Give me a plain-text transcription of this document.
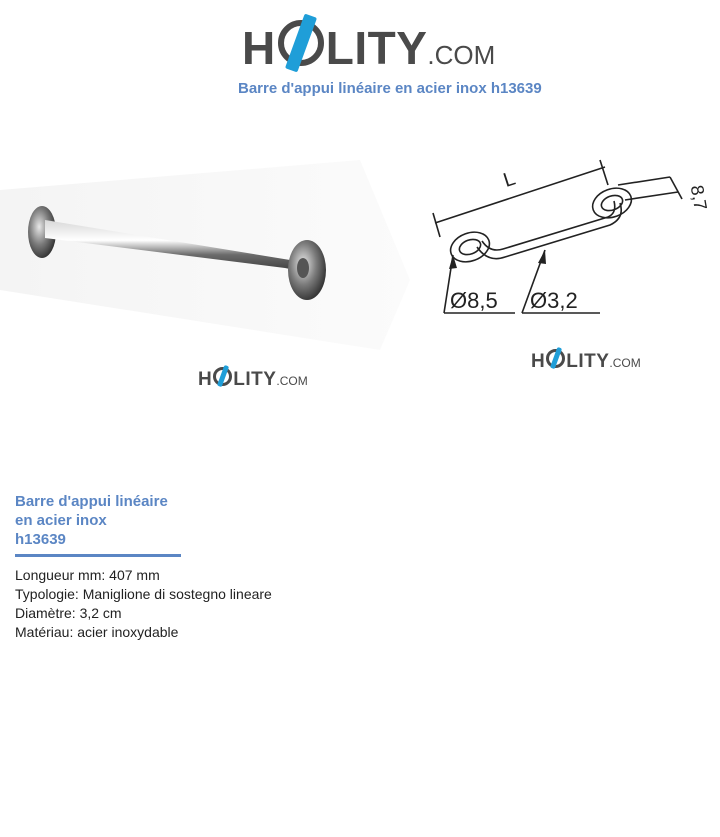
H LITY .COM
Barre d'appui linéaire en acier inox h13639
H LITY .COM
L
8,7
Ø8,5 Ø3,2
H LITY .COM
Barre d'appui linéaire
en acier inox
h13639
Longueur mm: 407 mm
Typologie: Maniglione di sostegno lineare
Diamètre: 3,2 cm
Matériau: acier inoxydable
